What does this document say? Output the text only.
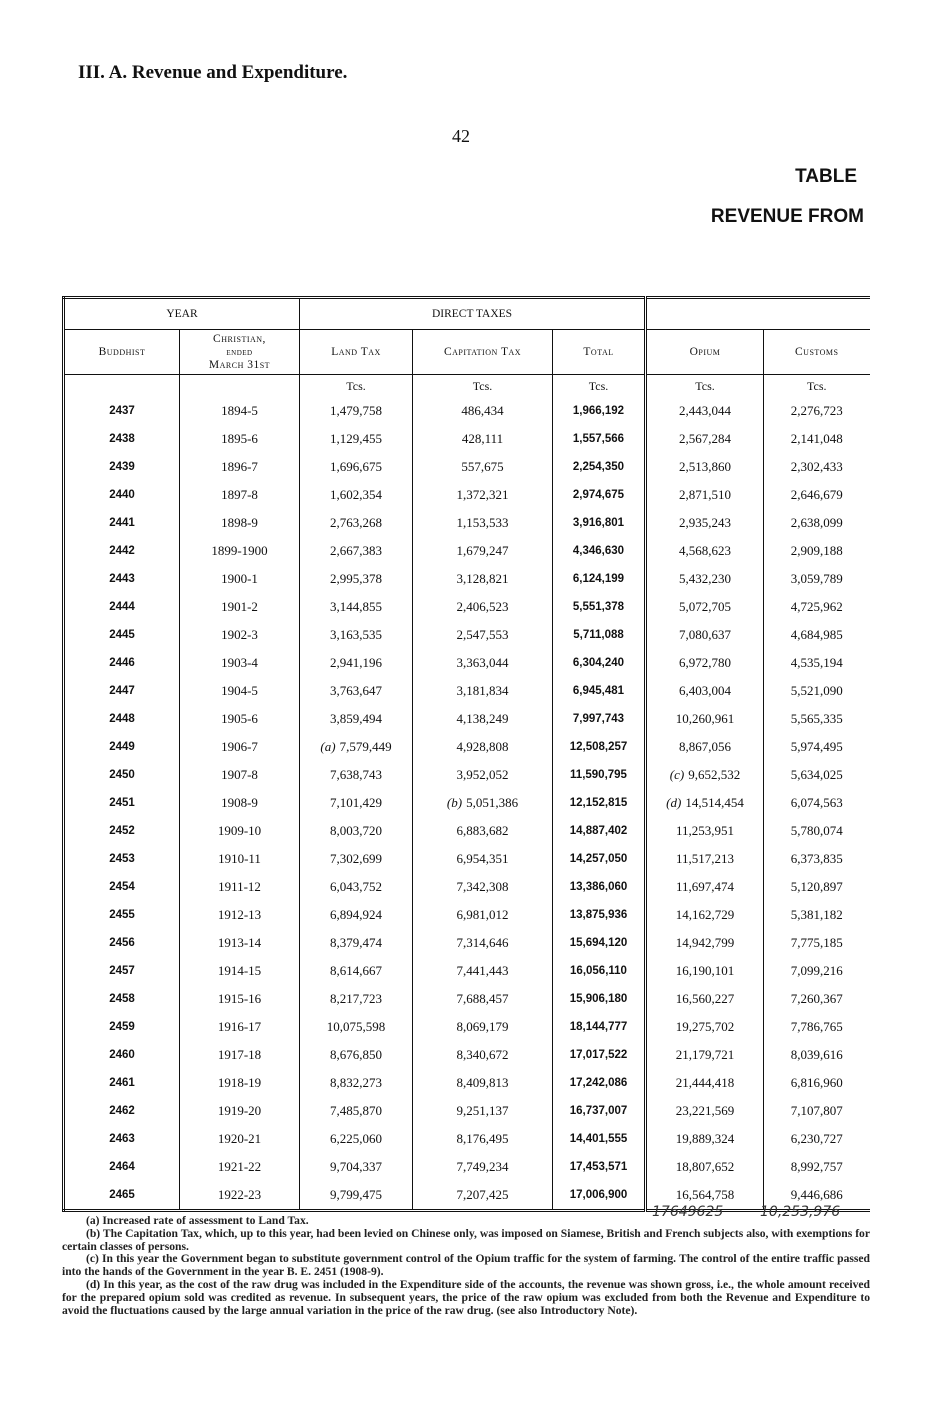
III. A. Revenue and Expenditure.
42
TABLE
REVENUE FROM
YEAR		DIRECT TAXES				
Buddhist	Christian,
ended
March 31st	Land Tax	Capitation Tax	Total	Opium	Customs
		Tcs.	Tcs.	Tcs.	Tcs.	Tcs.
2437	1894-5	1,479,758	486,434	1,966,192	2,443,044	2,276,723
2438	1895-6	1,129,455	428,111	1,557,566	2,567,284	2,141,048
2439	1896-7	1,696,675	557,675	2,254,350	2,513,860	2,302,433
2440	1897-8	1,602,354	1,372,321	2,974,675	2,871,510	2,646,679
2441	1898-9	2,763,268	1,153,533	3,916,801	2,935,243	2,638,099
2442	1899-1900	2,667,383	1,679,247	4,346,630	4,568,623	2,909,188
2443	1900-1	2,995,378	3,128,821	6,124,199	5,432,230	3,059,789
2444	1901-2	3,144,855	2,406,523	5,551,378	5,072,705	4,725,962
2445	1902-3	3,163,535	2,547,553	5,711,088	7,080,637	4,684,985
2446	1903-4	2,941,196	3,363,044	6,304,240	6,972,780	4,535,194
2447	1904-5	3,763,647	3,181,834	6,945,481	6,403,004	5,521,090
2448	1905-6	3,859,494	4,138,249	7,997,743	10,260,961	5,565,335
2449	1906-7	(a) 7,579,449	4,928,808	12,508,257	8,867,056	5,974,495
2450	1907-8	7,638,743	3,952,052	11,590,795	(c) 9,652,532	5,634,025
2451	1908-9	7,101,429	(b) 5,051,386	12,152,815	(d) 14,514,454	6,074,563
2452	1909-10	8,003,720	6,883,682	14,887,402	11,253,951	5,780,074
2453	1910-11	7,302,699	6,954,351	14,257,050	11,517,213	6,373,835
2454	1911-12	6,043,752	7,342,308	13,386,060	11,697,474	5,120,897
2455	1912-13	6,894,924	6,981,012	13,875,936	14,162,729	5,381,182
2456	1913-14	8,379,474	7,314,646	15,694,120	14,942,799	7,775,185
2457	1914-15	8,614,667	7,441,443	16,056,110	16,190,101	7,099,216
2458	1915-16	8,217,723	7,688,457	15,906,180	16,560,227	7,260,367
2459	1916-17	10,075,598	8,069,179	18,144,777	19,275,702	7,786,765
2460	1917-18	8,676,850	8,340,672	17,017,522	21,179,721	8,039,616
2461	1918-19	8,832,273	8,409,813	17,242,086	21,444,418	6,816,960
2462	1919-20	7,485,870	9,251,137	16,737,007	23,221,569	7,107,807
2463	1920-21	6,225,060	8,176,495	14,401,555	19,889,324	6,230,727
2464	1921-22	9,704,337	7,749,234	17,453,571	18,807,652	8,992,757
2465	1922-23	9,799,475	7,207,425	17,006,900	16,564,758	9,446,686
17649625	10,253,976

(a) Increased rate of assessment to Land Tax.

(b) The Capitation Tax, which, up to this year, had been levied on Chinese only, was imposed on Siamese, British and French subjects also, with exemptions for certain classes of persons.

(c) In this year the Government began to substitute government control of the Opium traffic for the system of farming. The control of the entire traffic passed into the hands of the Government in the year B. E. 2451 (1908-9).

(d) In this year, as the cost of the raw drug was included in the Expenditure side of the accounts, the revenue was shown gross, i.e., the whole amount received for the prepared opium sold was credited as revenue. In subsequent years, the price of the raw opium was excluded from both the Revenue and Expenditure to avoid the fluctuations caused by the large annual variation in the price of the raw drug. (see also Introductory Note).
